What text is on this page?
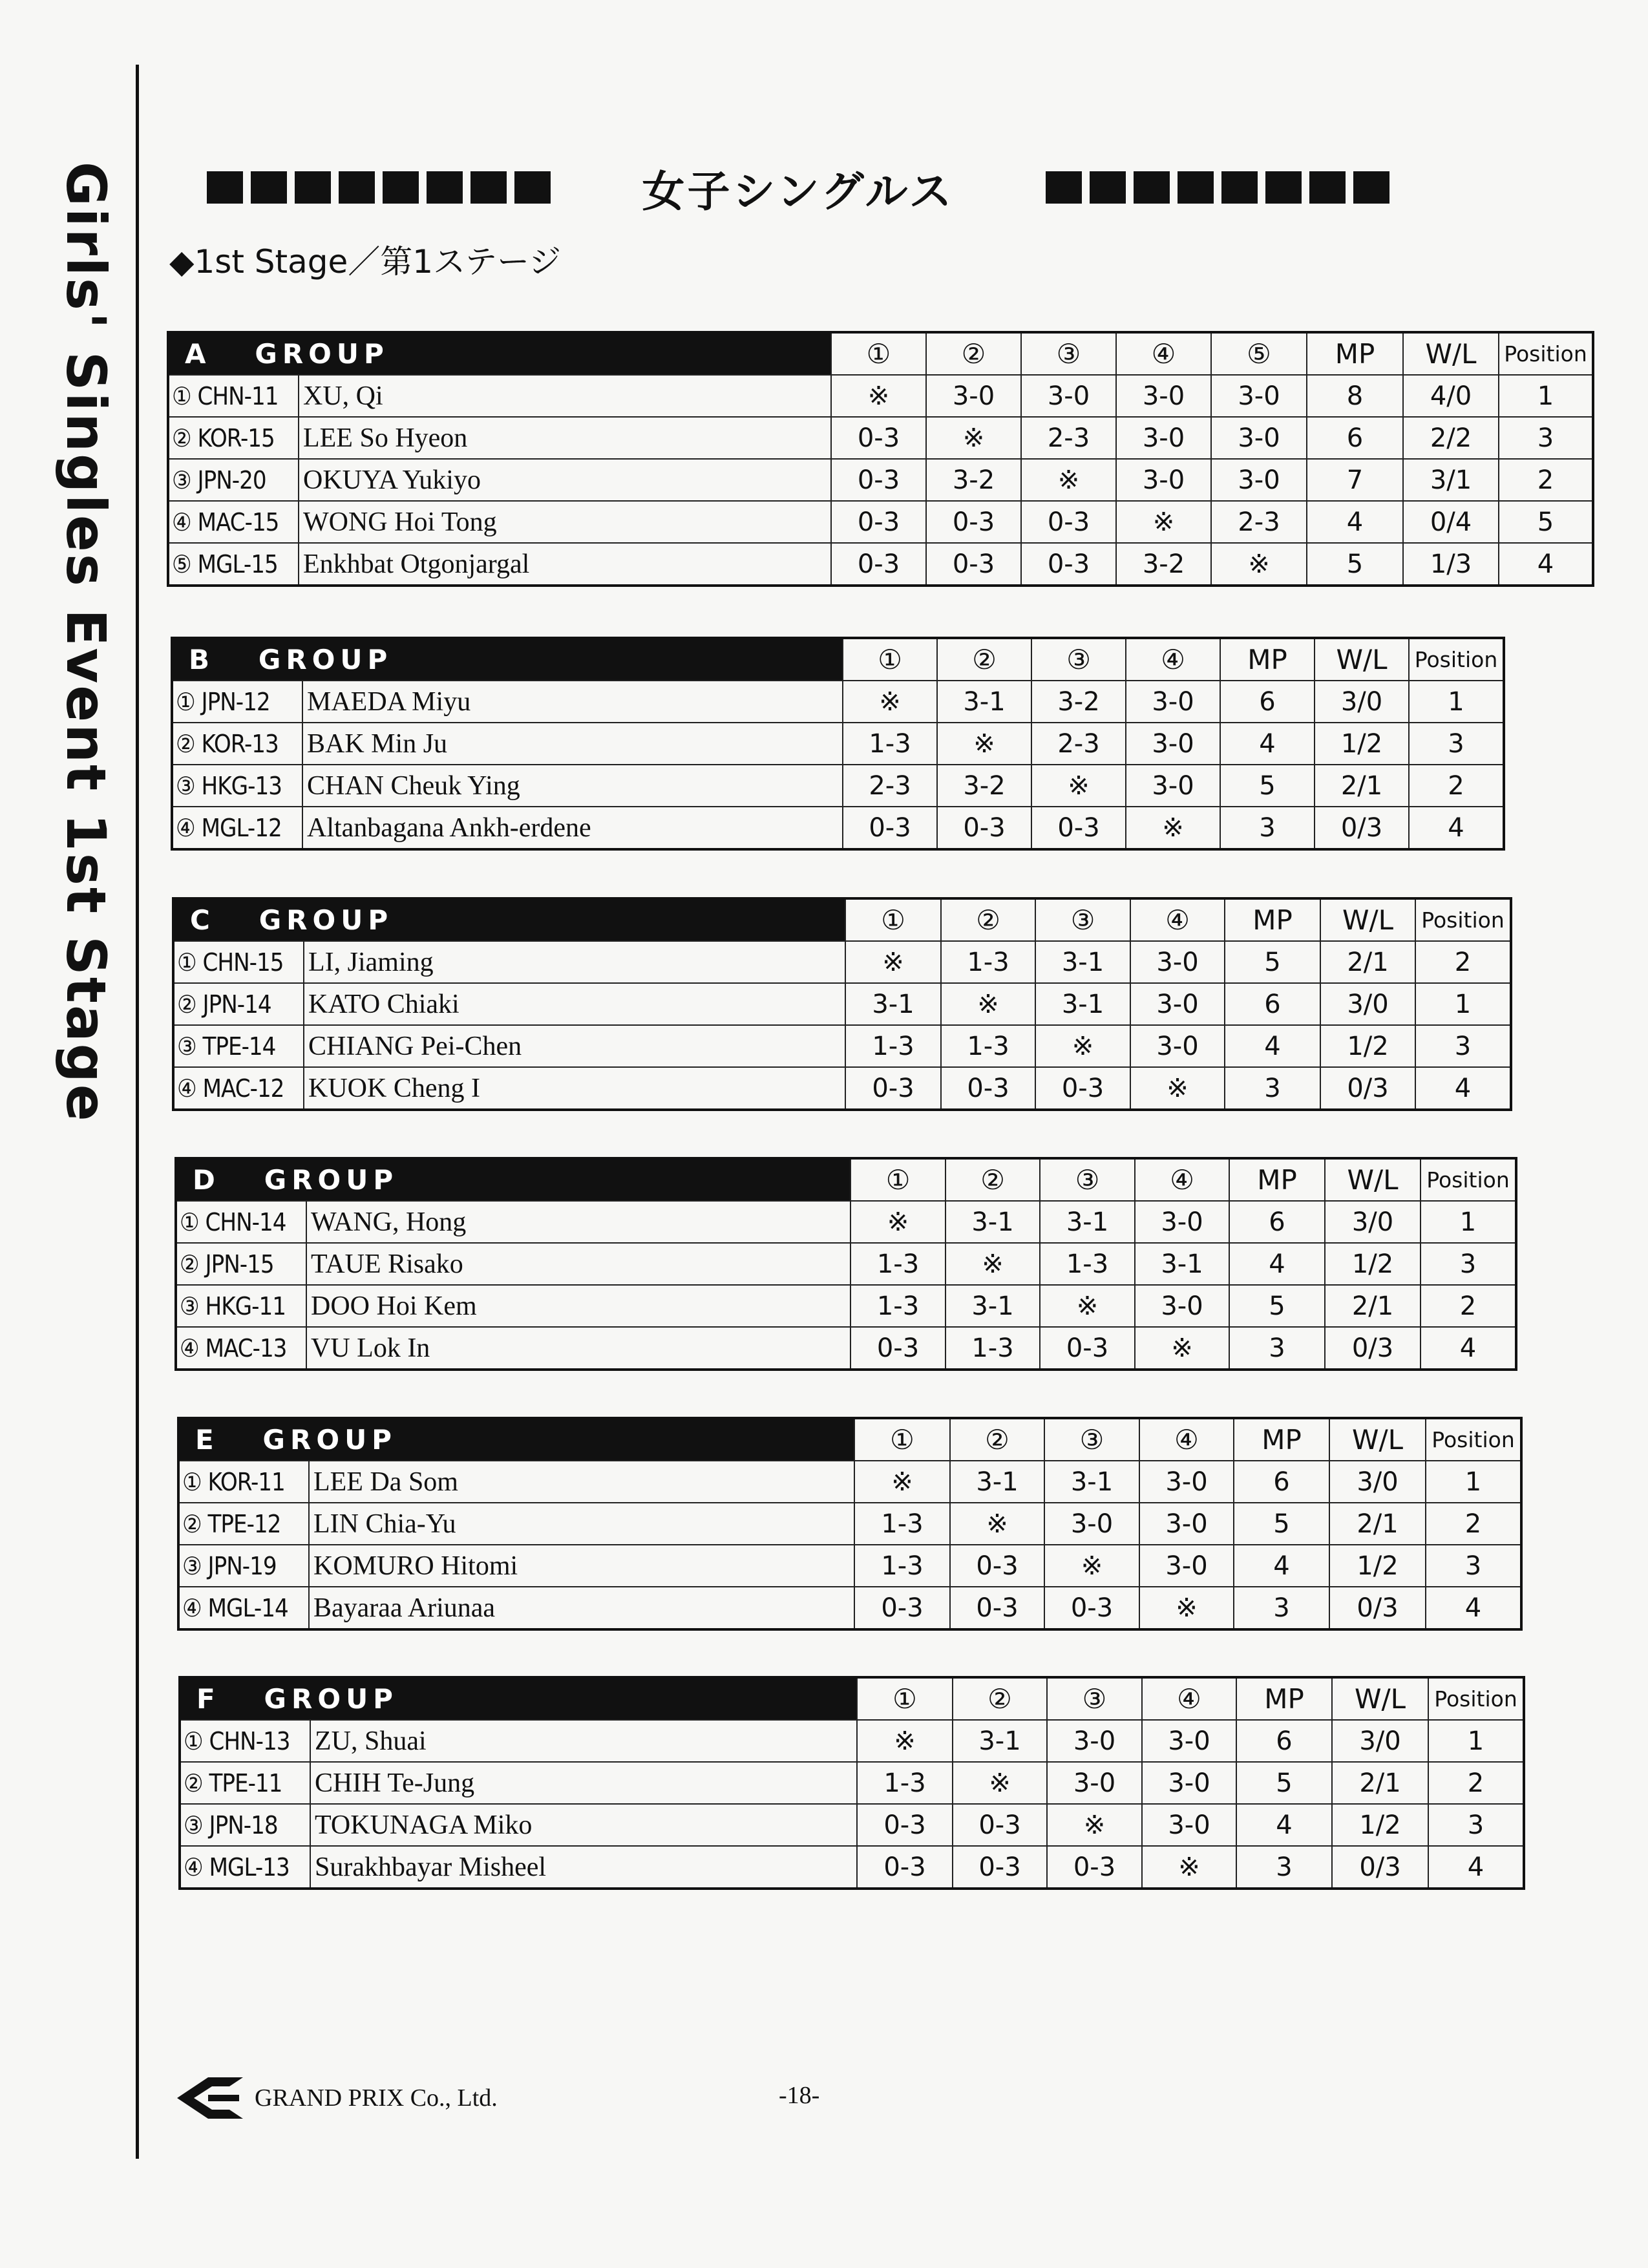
Girls' Singles Event 1st Stage	女子シングルス
◆1st Stage／第1ステージ
A   GROUP		①	②	③	④	⑤	MP	W/L	Position
① CHN-11	XU, Qi	※	3-0	3-0	3-0	3-0	8	4/0	1
② KOR-15	LEE So Hyeon	0-3	※	2-3	3-0	3-0	6	2/2	3
③ JPN-20	OKUYA Yukiyo	0-3	3-2	※	3-0	3-0	7	3/1	2
④ MAC-15	WONG Hoi Tong	0-3	0-3	0-3	※	2-3	4	0/4	5
⑤ MGL-15	Enkhbat Otgonjargal	0-3	0-3	0-3	3-2	※	5	1/3	4
B   GROUP		①	②	③	④	MP	W/L	Position
① JPN-12	MAEDA Miyu	※	3-1	3-2	3-0	6	3/0	1
② KOR-13	BAK Min Ju	1-3	※	2-3	3-0	4	1/2	3
③ HKG-13	CHAN Cheuk Ying	2-3	3-2	※	3-0	5	2/1	2
④ MGL-12	Altanbagana Ankh-erdene	0-3	0-3	0-3	※	3	0/3	4
C   GROUP		①	②	③	④	MP	W/L	Position
① CHN-15	LI, Jiaming	※	1-3	3-1	3-0	5	2/1	2
② JPN-14	KATO Chiaki	3-1	※	3-1	3-0	6	3/0	1
③ TPE-14	CHIANG Pei-Chen	1-3	1-3	※	3-0	4	1/2	3
④ MAC-12	KUOK Cheng I	0-3	0-3	0-3	※	3	0/3	4
D   GROUP		①	②	③	④	MP	W/L	Position
① CHN-14	WANG, Hong	※	3-1	3-1	3-0	6	3/0	1
② JPN-15	TAUE Risako	1-3	※	1-3	3-1	4	1/2	3
③ HKG-11	DOO Hoi Kem	1-3	3-1	※	3-0	5	2/1	2
④ MAC-13	VU Lok In	0-3	1-3	0-3	※	3	0/3	4
E   GROUP		①	②	③	④	MP	W/L	Position
① KOR-11	LEE Da Som	※	3-1	3-1	3-0	6	3/0	1
② TPE-12	LIN Chia-Yu	1-3	※	3-0	3-0	5	2/1	2
③ JPN-19	KOMURO Hitomi	1-3	0-3	※	3-0	4	1/2	3
④ MGL-14	Bayaraa Ariunaa	0-3	0-3	0-3	※	3	0/3	4
F   GROUP		①	②	③	④	MP	W/L	Position
① CHN-13	ZU, Shuai	※	3-1	3-0	3-0	6	3/0	1
② TPE-11	CHIH Te-Jung	1-3	※	3-0	3-0	5	2/1	2
③ JPN-18	TOKUNAGA Miko	0-3	0-3	※	3-0	4	1/2	3
④ MGL-13	Surakhbayar Misheel	0-3	0-3	0-3	※	3	0/3	4
GRAND PRIX Co., Ltd.	-18-
